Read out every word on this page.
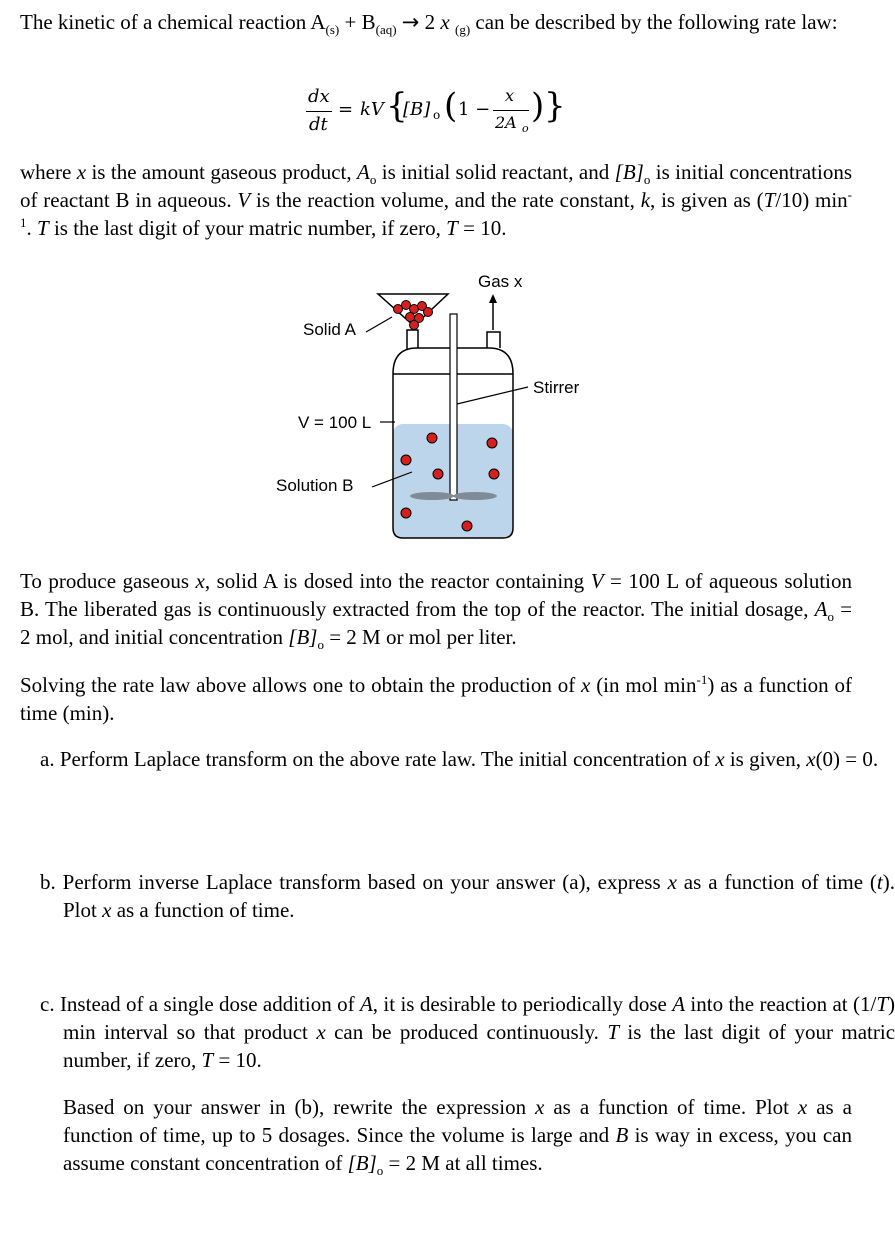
The kinetic of a chemical reaction $A_{(s)} + B_{(aq)} \to 2$ x $_{(g)}$ can be described by the following rate law:

dx
dt
= kV {
[B] o ( 1 −
x
2A o
) }

where x is the amount gaseous product, $A_o$ is initial solid reactant, and $[B]_o$ is initial concentrations of reactant B in aqueous. V is the reaction volume, and the rate constant, k, is given as (T/10) $\min^{-1}$. T is the last digit of your matric number, if zero, T = 10.

Gas x
Solid A
Stirrer
V = 100 L
Solution B

To produce gaseous x, solid A is dosed into the reactor containing V = 100 L of aqueous solution B. The liberated gas is continuously extracted from the top of the reactor. The initial dosage, $A_o = 2$ mol, and initial concentration $[B]_o = 2$ M or mol per liter.

Solving the rate law above allows one to obtain the production of x (in mol $\min^{-1}$) as a function of time (min).

a. Perform Laplace transform on the above rate law. The initial concentration of x is given, x(0) = 0.

b. Perform inverse Laplace transform based on your answer (a), express x as a function of time (t). Plot x as a function of time.

c. Instead of a single dose addition of A, it is desirable to periodically dose A into the reaction at (1/T) min interval so that product x can be produced continuously. T is the last digit of your matric number, if zero, T = 10.

Based on your answer in (b), rewrite the expression x as a function of time. Plot x as a function of time, up to 5 dosages. Since the volume is large and B is way in excess, you can assume constant concentration of $[B]_o = 2$ M at all times.
